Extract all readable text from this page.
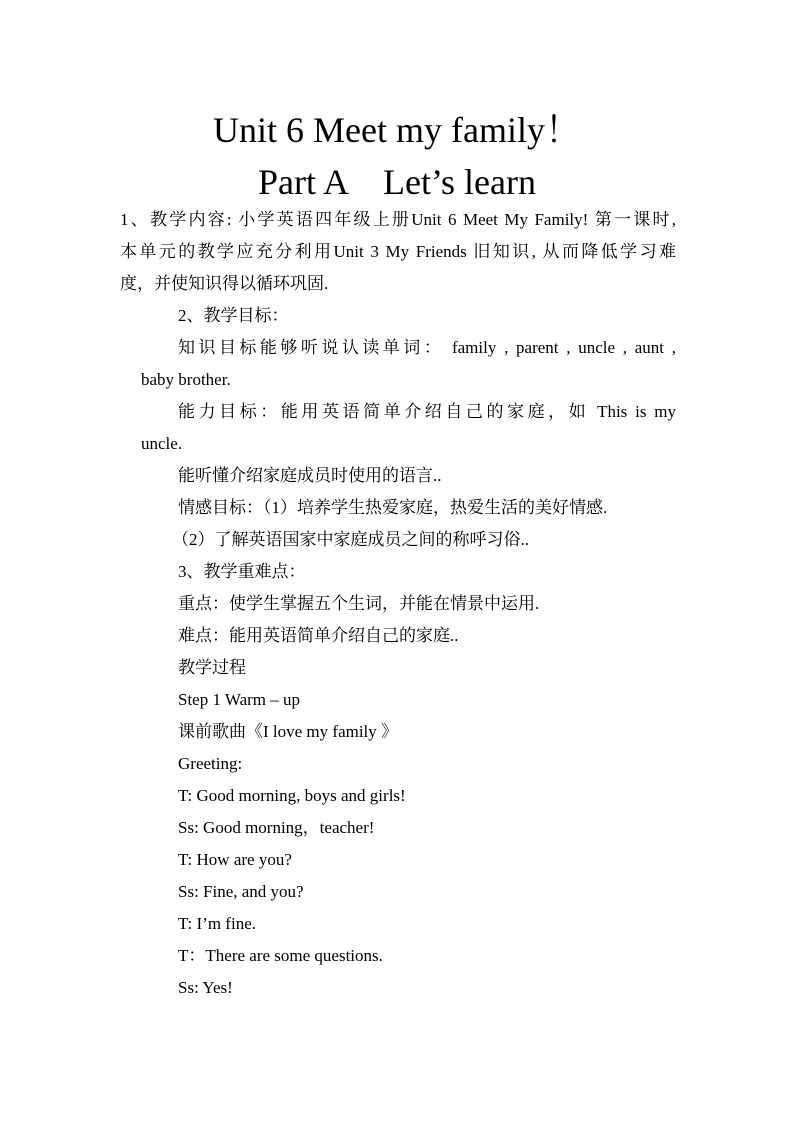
Unit 6 Meet my family！
Part A　Let’s learn
1、教学内容: 小学英语四年级上册Unit 6 Meet My Family! 第一课时,
本单元的教学应充分利用Unit 3 My Friends 旧知识, 从而降低学习难
度，并使知识得以循环巩固.
2、教学目标：
知识目标能够听说认读单词： family , parent , uncle , aunt ,
baby brother.
能力目标：能用英语简单介绍自己的家庭，如 This is my
uncle.
能听懂介绍家庭成员时使用的语言..
情感目标：（1）培养学生热爱家庭，热爱生活的美好情感.
（2）了解英语国家中家庭成员之间的称呼习俗..
3、教学重难点：
重点：使学生掌握五个生词，并能在情景中运用.
难点：能用英语简单介绍自己的家庭..
教学过程
Step 1 Warm – up
课前歌曲《I love my family 》
Greeting:
T: Good morning, boys and girls!
Ss: Good morning，teacher!
T: How are you?
Ss: Fine, and you?
T: I’m fine.
T：There are some questions.
Ss: Yes!
